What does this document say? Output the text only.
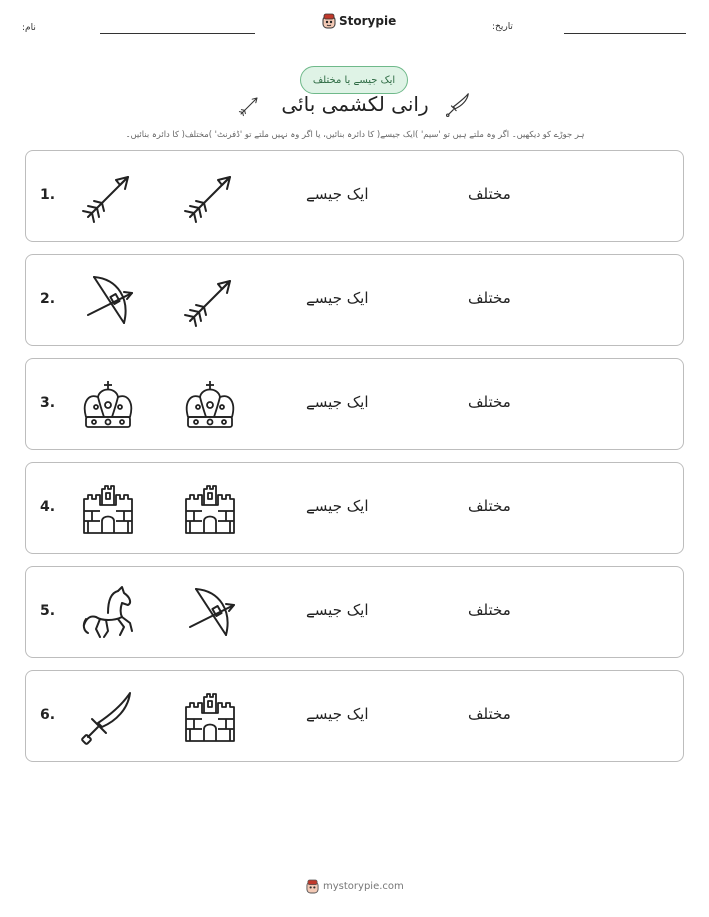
نام:	Storypie	تاریخ:
ایک جیسے یا مختلف
رانی لکشمی بائی
ہر جوڑے کو دیکھیں۔ اگر وہ ملتے ہیں تو 'سیم' )ایک جیسے( کا دائرہ بنائیں، یا اگر وہ نہیں ملتے تو 'ڈفرنٹ' )مختلف( کا دائرہ بنائیں۔
1.	ایک جیسے	مختلف
2.	ایک جیسے	مختلف
3.	ایک جیسے	مختلف
4.	ایک جیسے	مختلف
5.	ایک جیسے	مختلف
6.	ایک جیسے	مختلف
mystorypie.com
